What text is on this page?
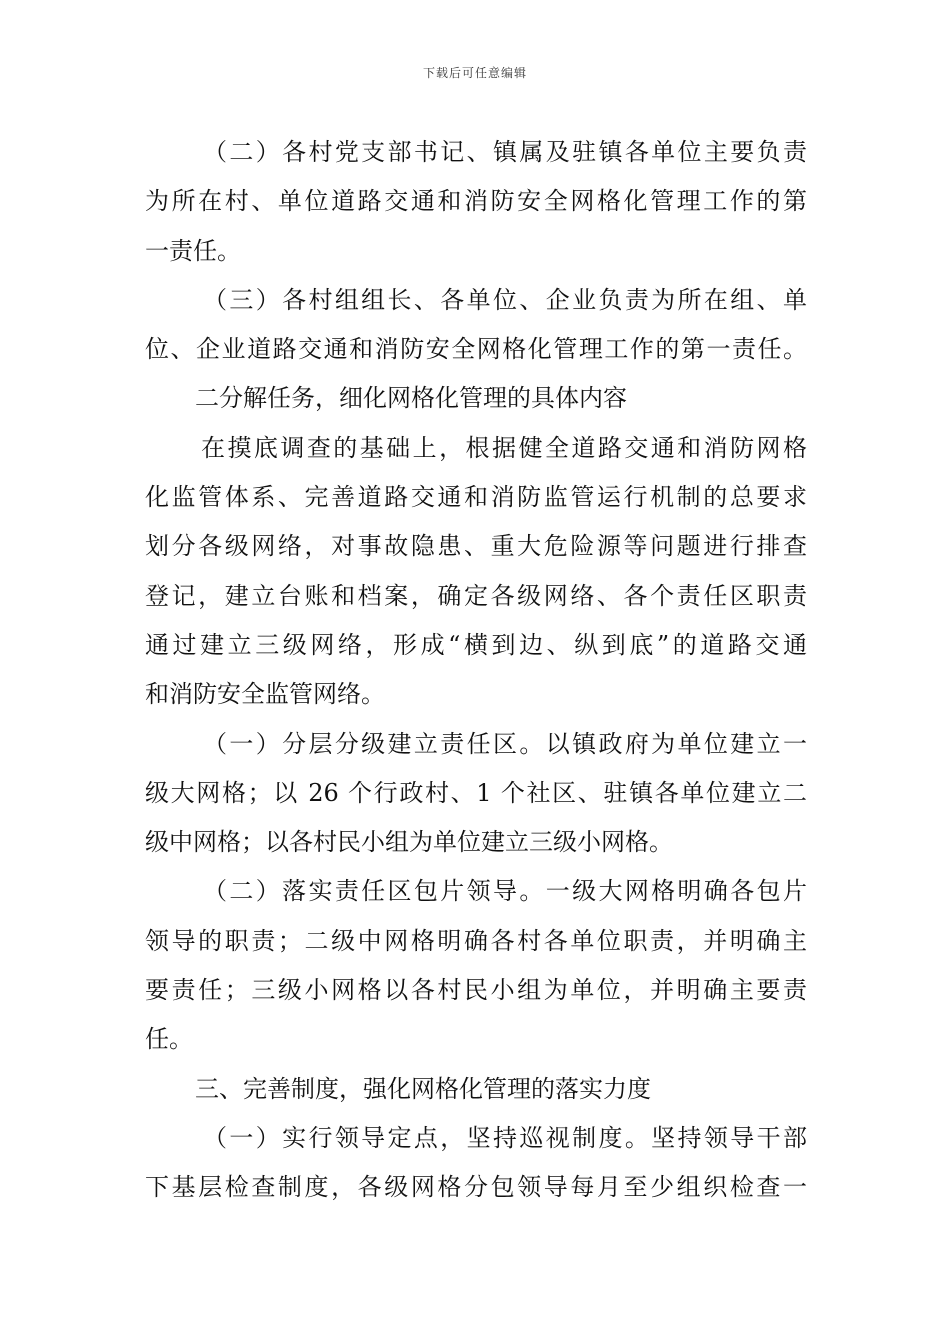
下载后可任意编辑
（二）各村党支部书记、镇属及驻镇各单位主要负责
为所在村、单位道路交通和消防安全网格化管理工作的第
一责任。
（三）各村组组长、各单位、企业负责为所在组、单
位、企业道路交通和消防安全网格化管理工作的第一责任。
二分解任务，细化网格化管理的具体内容
在摸底调查的基础上，根据健全道路交通和消防网格
化监管体系、完善道路交通和消防监管运行机制的总要求
划分各级网络，对事故隐患、重大危险源等问题进行排查
登记，建立台账和档案，确定各级网络、各个责任区职责
通过建立三级网络，形成“横到边、纵到底”的道路交通
和消防安全监管网络。
（一）分层分级建立责任区。以镇政府为单位建立一
级大网格；以 26 个行政村、1 个社区、驻镇各单位建立二
级中网格；以各村民小组为单位建立三级小网格。
（二）落实责任区包片领导。一级大网格明确各包片
领导的职责；二级中网格明确各村各单位职责，并明确主
要责任；三级小网格以各村民小组为单位，并明确主要责
任。
三、完善制度，强化网格化管理的落实力度
（一）实行领导定点，坚持巡视制度。坚持领导干部
下基层检查制度，各级网格分包领导每月至少组织检查一
